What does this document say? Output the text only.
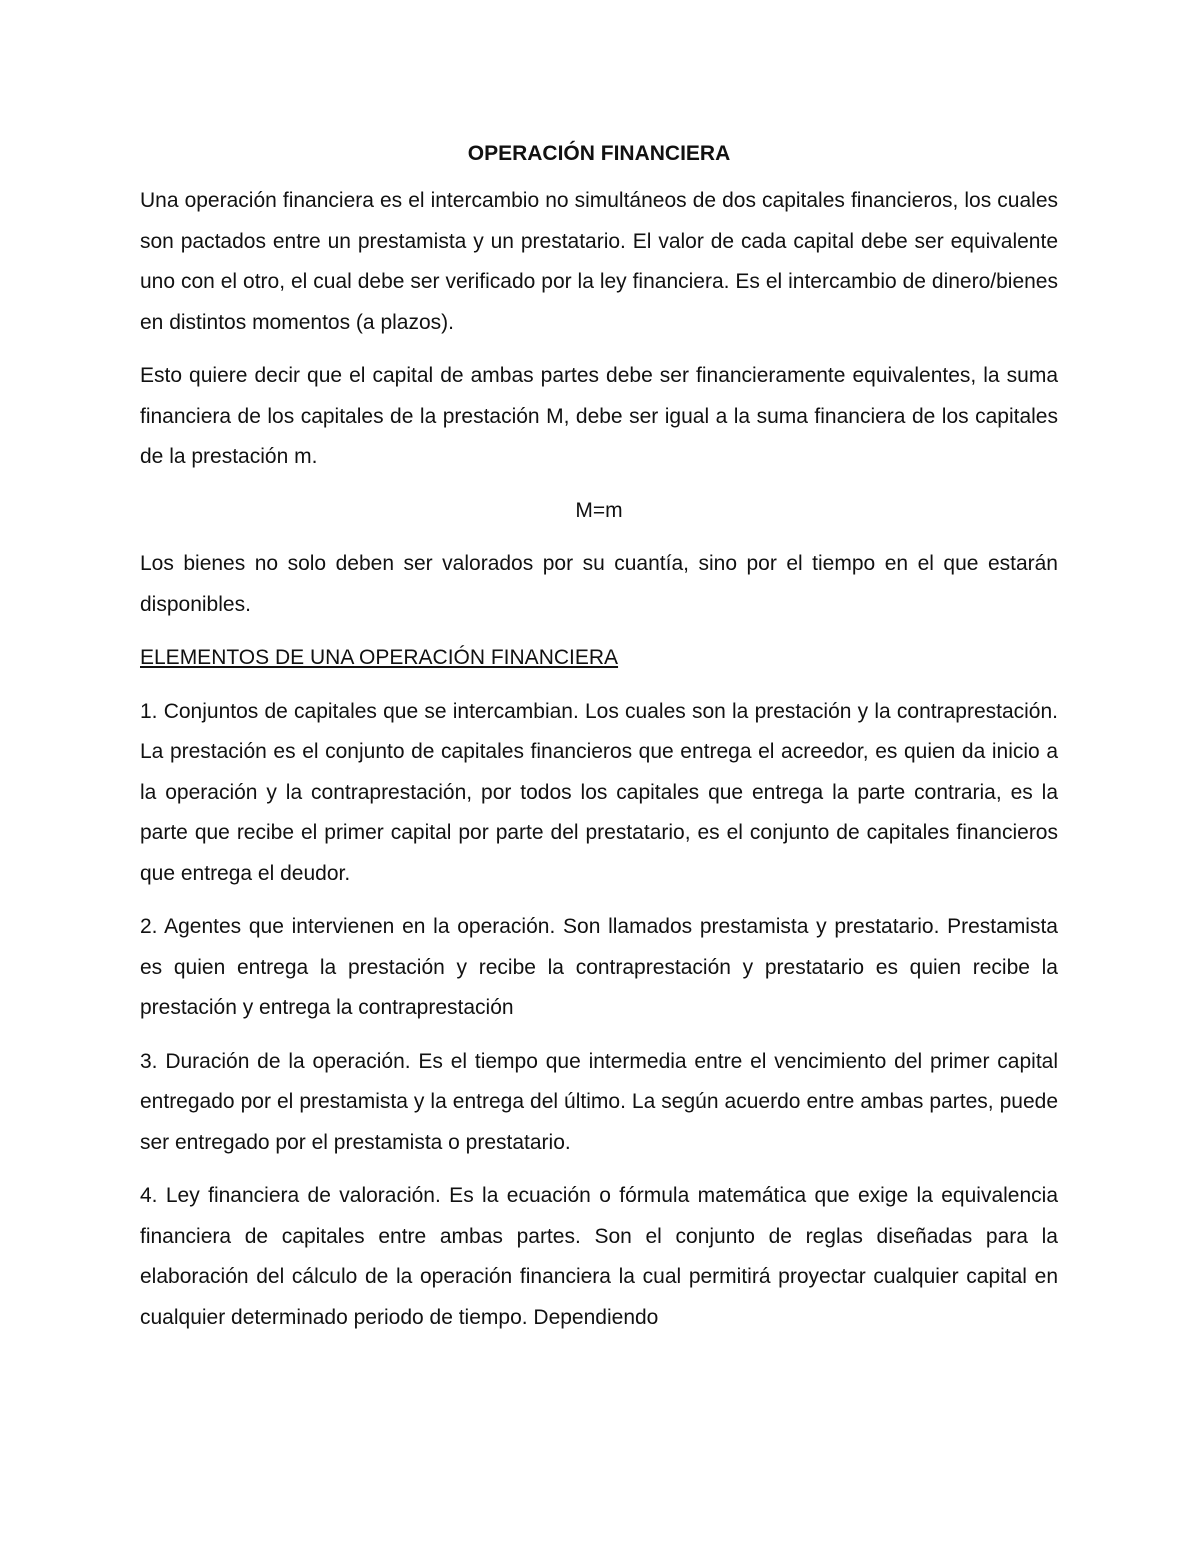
OPERACIÓN FINANCIERA

Una operación financiera es el intercambio no simultáneos de dos capitales financieros, los cuales son pactados entre un prestamista y un prestatario. El valor de cada capital debe ser equivalente uno con el otro, el cual debe ser verificado por la ley financiera. Es el intercambio de dinero/bienes en distintos momentos (a plazos).

Esto quiere decir que el capital de ambas partes debe ser financieramente equivalentes, la suma financiera de los capitales de la prestación M, debe ser igual a la suma financiera de los capitales de la prestación m.

M=m

Los bienes no solo deben ser valorados por su cuantía, sino por el tiempo en el que estarán disponibles.

ELEMENTOS DE UNA OPERACIÓN FINANCIERA

1. Conjuntos de capitales que se intercambian. Los cuales son la prestación y la contraprestación. La prestación es el conjunto de capitales financieros que entrega el acreedor, es quien da inicio a la operación y la contraprestación, por todos los capitales que entrega la parte contraria, es la parte que recibe el primer capital por parte del prestatario, es el conjunto de capitales financieros que entrega el deudor.

2. Agentes que intervienen en la operación. Son llamados prestamista y prestatario. Prestamista es quien entrega la prestación y recibe la contraprestación y prestatario es quien recibe la prestación y entrega la contraprestación

3. Duración de la operación. Es el tiempo que intermedia entre el vencimiento del primer capital entregado por el prestamista y la entrega del último. La según acuerdo entre ambas partes, puede ser entregado por el prestamista o prestatario.

4. Ley financiera de valoración. Es la ecuación o fórmula matemática que exige la equivalencia financiera de capitales entre ambas partes. Son el conjunto de reglas diseñadas para la elaboración del cálculo de la operación financiera la cual permitirá proyectar cualquier capital en cualquier determinado periodo de tiempo. Dependiendo
